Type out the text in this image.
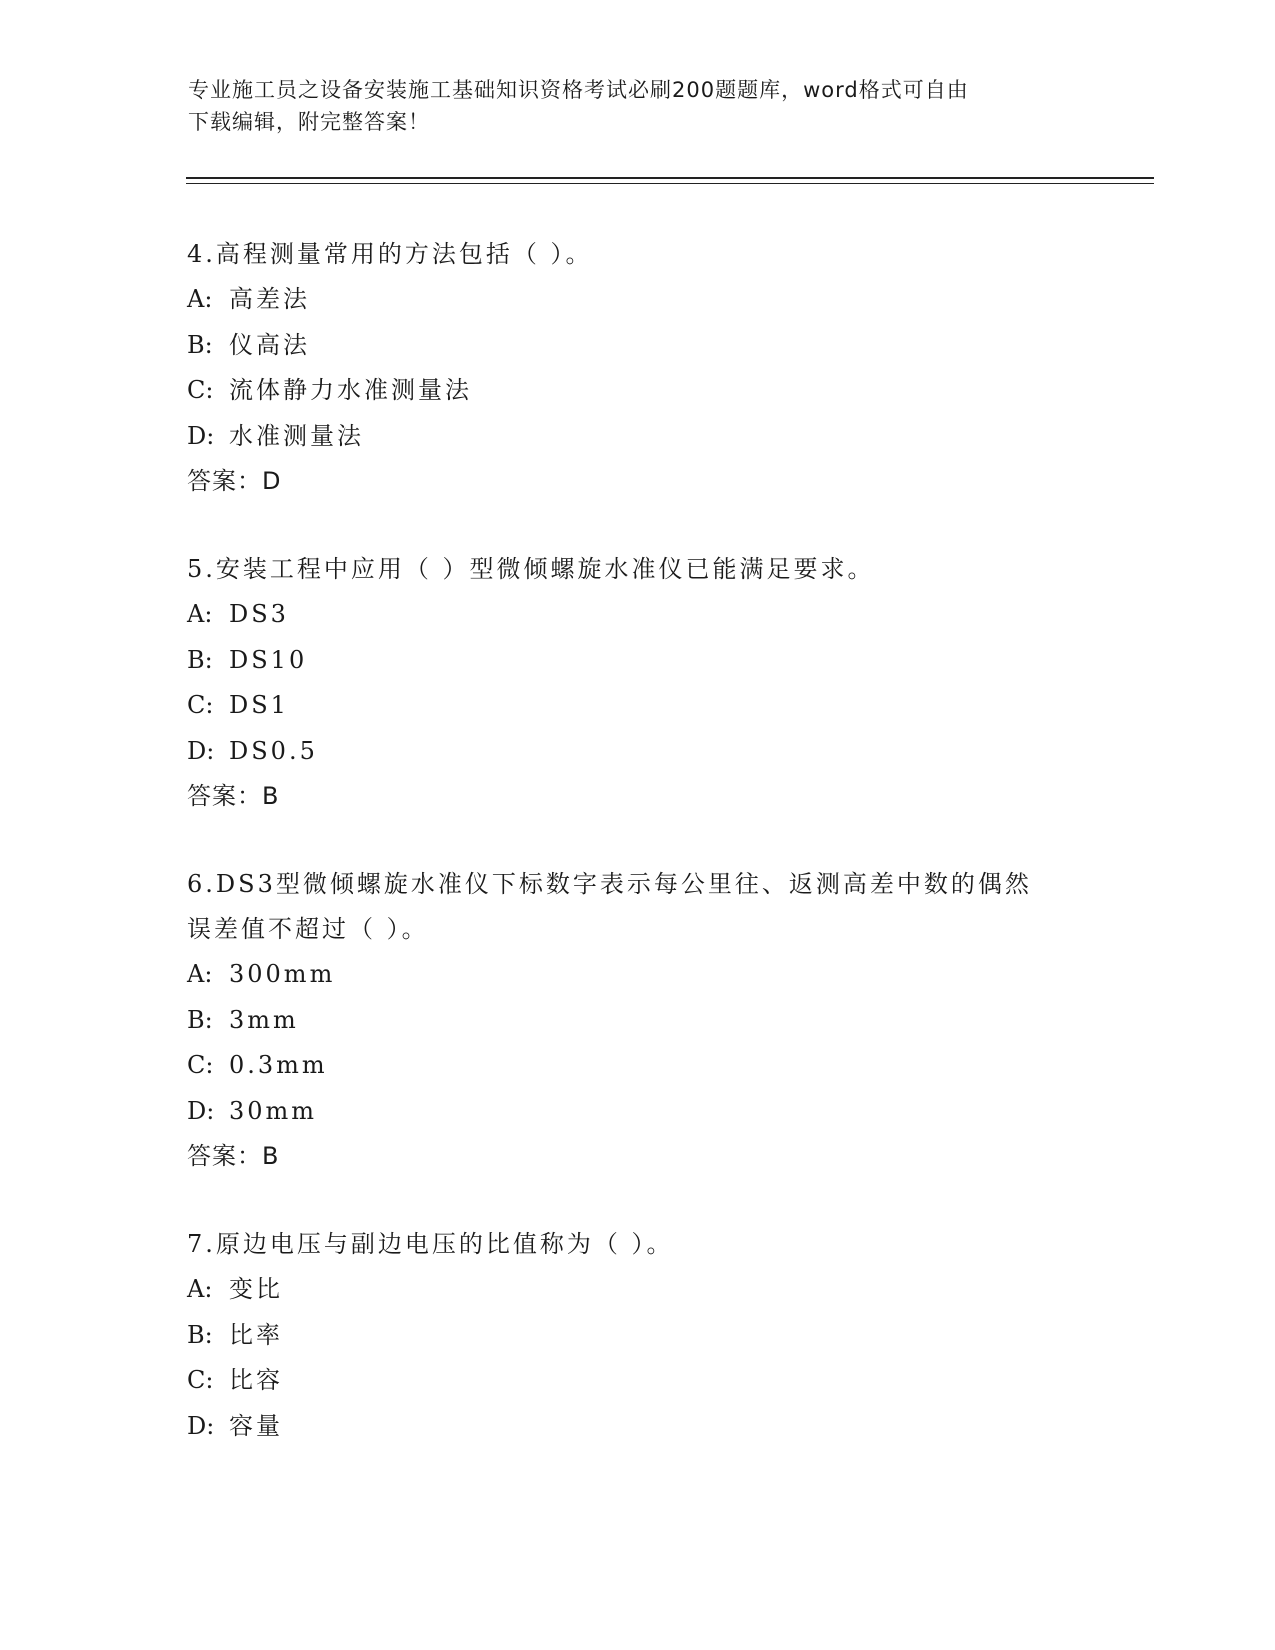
专业施工员之设备安装施工基础知识资格考试必刷200题题库，word格式可自由
下载编辑，附完整答案！
4.高程测量常用的方法包括（ ）。
A: 高差法
B: 仪高法
C: 流体静力水准测量法
D: 水准测量法
答案：D
5.安装工程中应用（ ）型微倾螺旋水准仪已能满足要求。
A: DS3
B: DS10
C: DS1
D: DS0.5
答案：B
6.DS3型微倾螺旋水准仪下标数字表示每公里往、返测高差中数的偶然
误差值不超过（ ）。
A: 300mm
B: 3mm
C: 0.3mm
D: 30mm
答案：B
7.原边电压与副边电压的比值称为（ ）。
A: 变比
B: 比率
C: 比容
D: 容量
